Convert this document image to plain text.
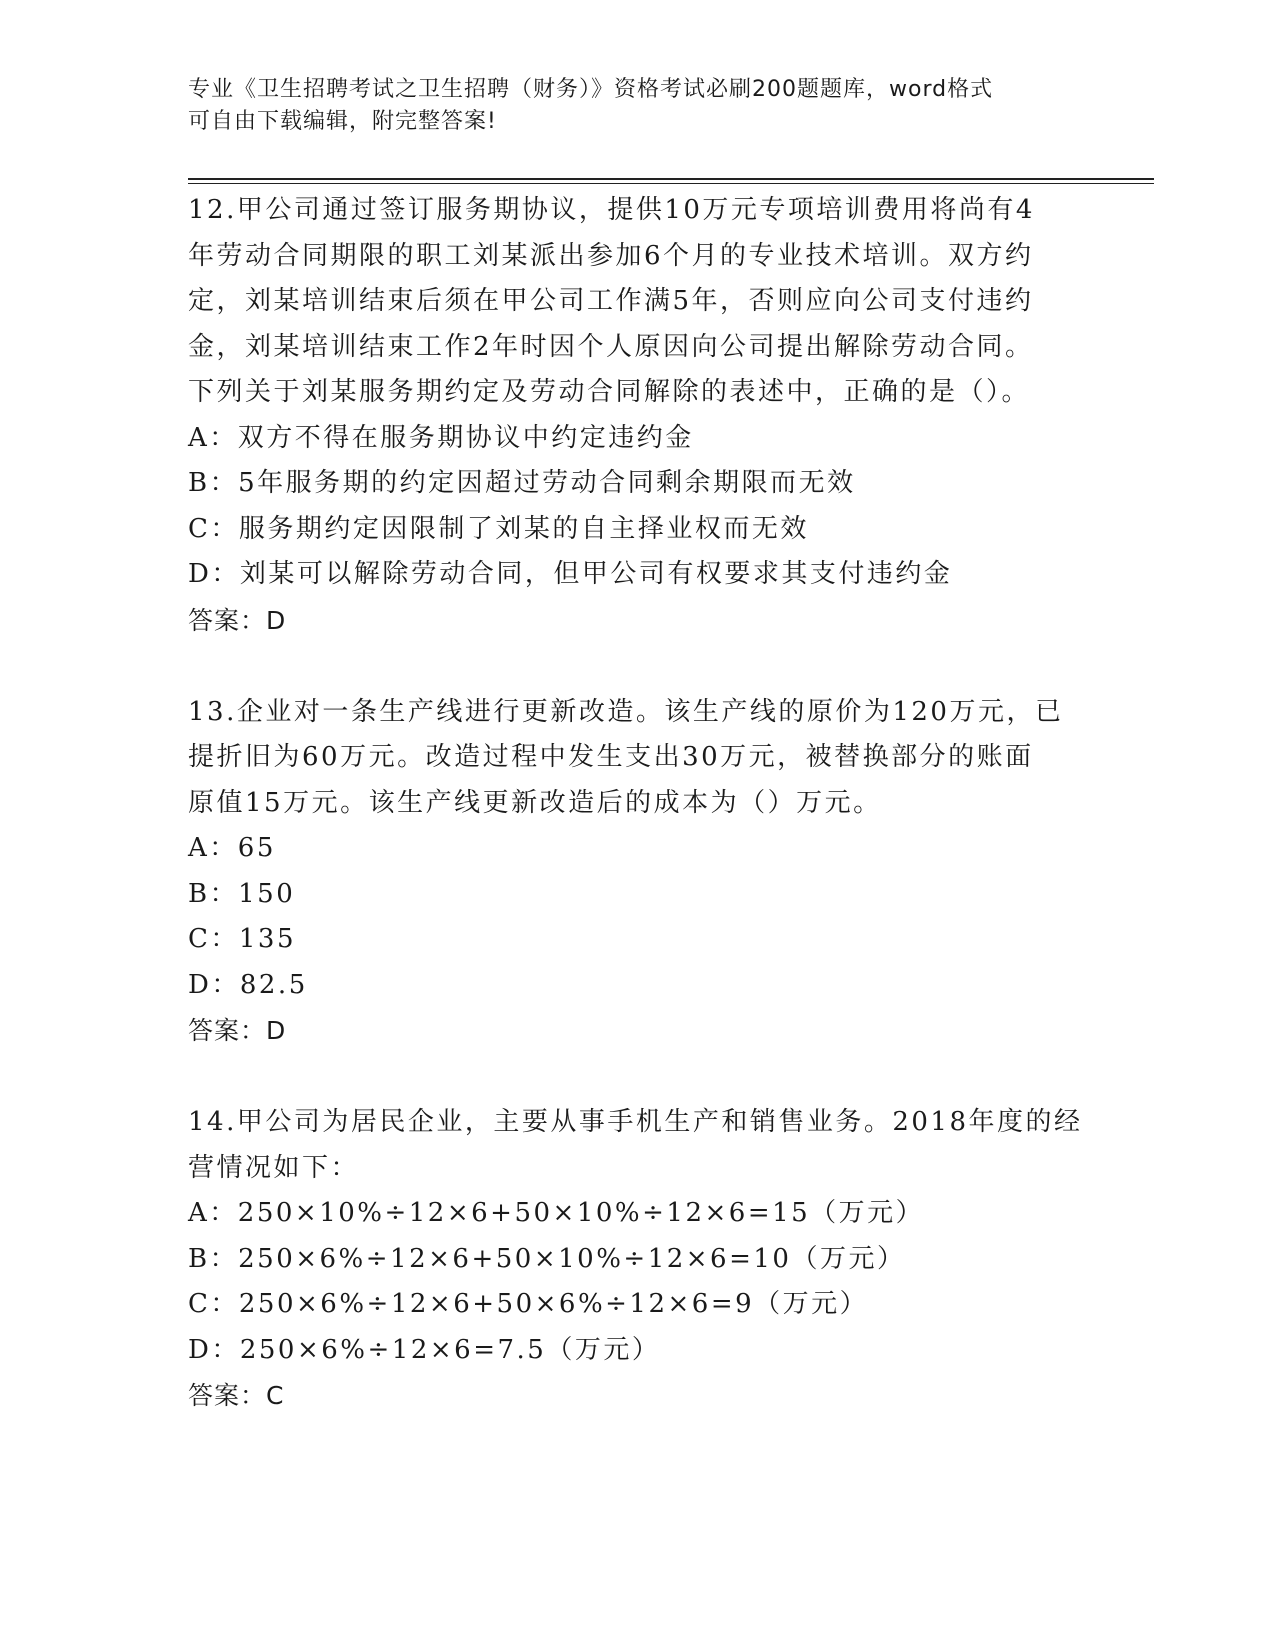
专业《卫生招聘考试之卫生招聘（财务）》资格考试必刷200题题库，word格式
可自由下载编辑，附完整答案!
12.甲公司通过签订服务期协议，提供10万元专项培训费用将尚有4
年劳动合同期限的职工刘某派出参加6个月的专业技术培训。双方约
定，刘某培训结束后须在甲公司工作满5年，否则应向公司支付违约
金，刘某培训结束工作2年时因个人原因向公司提出解除劳动合同。
下列关于刘某服务期约定及劳动合同解除的表述中，正确的是（）。
A：双方不得在服务期协议中约定违约金
B：5年服务期的约定因超过劳动合同剩余期限而无效
C：服务期约定因限制了刘某的自主择业权而无效
D：刘某可以解除劳动合同，但甲公司有权要求其支付违约金
答案：D
13.企业对一条生产线进行更新改造。该生产线的原价为120万元，已
提折旧为60万元。改造过程中发生支出30万元，被替换部分的账面
原值15万元。该生产线更新改造后的成本为（）万元。
A：65
B：150
C：135
D：82.5
答案：D
14.甲公司为居民企业，主要从事手机生产和销售业务。2018年度的经
营情况如下：
A：250×10%÷12×6+50×10%÷12×6=15（万元）
B：250×6%÷12×6+50×10%÷12×6=10（万元）
C：250×6%÷12×6+50×6%÷12×6=9（万元）
D：250×6%÷12×6=7.5（万元）
答案：C
